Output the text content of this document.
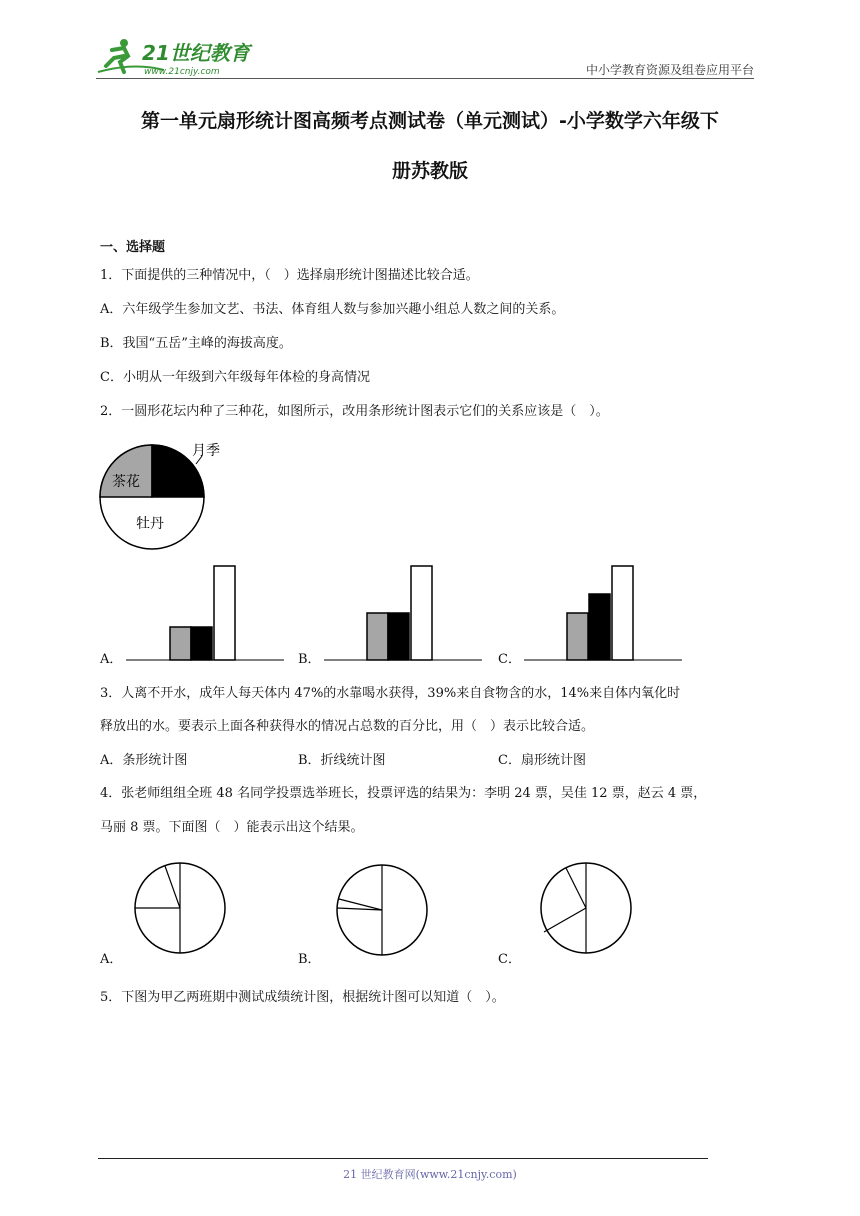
21世纪教育
www.21cnjy.com	中小学教育资源及组卷应用平台
第一单元扇形统计图高频考点测试卷（单元测试）-小学数学六年级下
册苏教版
一、选择题
1．下面提供的三种情况中，（　）选择扇形统计图描述比较合适。
A．六年级学生参加文艺、书法、体育组人数与参加兴趣小组总人数之间的关系。
B．我国“五岳”主峰的海拔高度。
C．小明从一年级到六年级每年体检的身高情况
2．一圆形花坛内种了三种花，如图所示，改用条形统计图表示它们的关系应该是（　）。
月季
茶花
牡丹
A．	B．	C．
3．人离不开水，成年人每天体内 47%的水靠喝水获得，39%来自食物含的水，14%来自体内氧化时
释放出的水。要表示上面各种获得水的情况占总数的百分比，用（　）表示比较合适。
A．条形统计图	B．折线统计图	C．扇形统计图
4．张老师组组全班 48 名同学投票选举班长，投票评选的结果为：李明 24 票，吴佳 12 票，赵云 4 票，
马丽 8 票。下面图（　）能表示出这个结果。
A．	B．	C．
5．下图为甲乙两班期中测试成绩统计图，根据统计图可以知道（　）。
21 世纪教育网(www.21cnjy.com)
